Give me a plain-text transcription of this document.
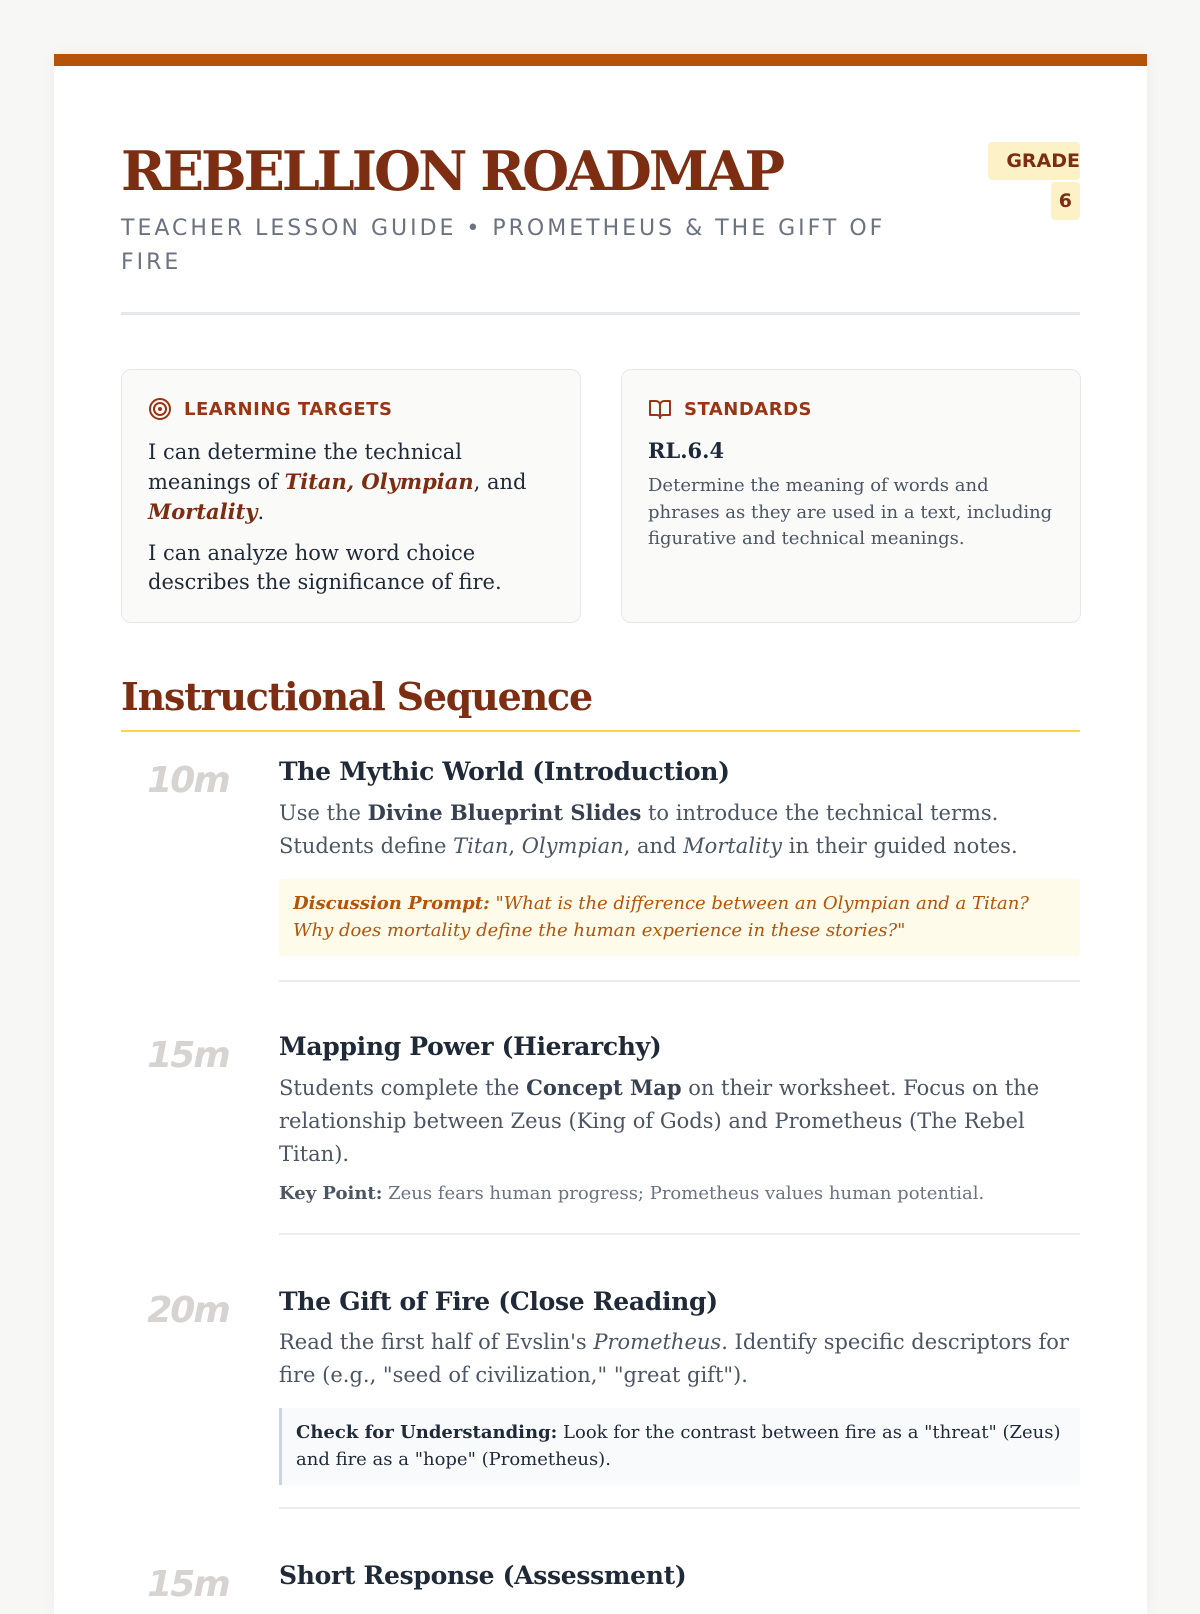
REBELLION ROADMAP
TEACHER LESSON GUIDE • PROMETHEUS & THE GIFT OF FIRE
GRADE
6
LEARNING TARGETS

I can determine the technical meanings of Titan, Olympian, and Mortality.

I can analyze how word choice describes the significance of fire.

STANDARDS
RL.6.4
Determine the meaning of words and phrases as they are used in a text, including figurative and technical meanings.
Instructional Sequence
10m	The Mythic World (Introduction)

Use the Divine Blueprint Slides to introduce the technical terms. Students define Titan, Olympian, and Mortality in their guided notes.

Discussion Prompt: "What is the difference between an Olympian and a Titan? Why does mortality define the human experience in these stories?"
15m	Mapping Power (Hierarchy)

Students complete the Concept Map on their worksheet. Focus on the relationship between Zeus (King of Gods) and Prometheus (The Rebel Titan).

Key Point: Zeus fears human progress; Prometheus values human potential.
20m	The Gift of Fire (Close Reading)

Read the first half of Evslin's Prometheus. Identify specific descriptors for fire (e.g., "seed of civilization," "great gift").

Check for Understanding: Look for the contrast between fire as a "threat" (Zeus) and fire as a "hope" (Prometheus).
15m	Short Response (Assessment)
